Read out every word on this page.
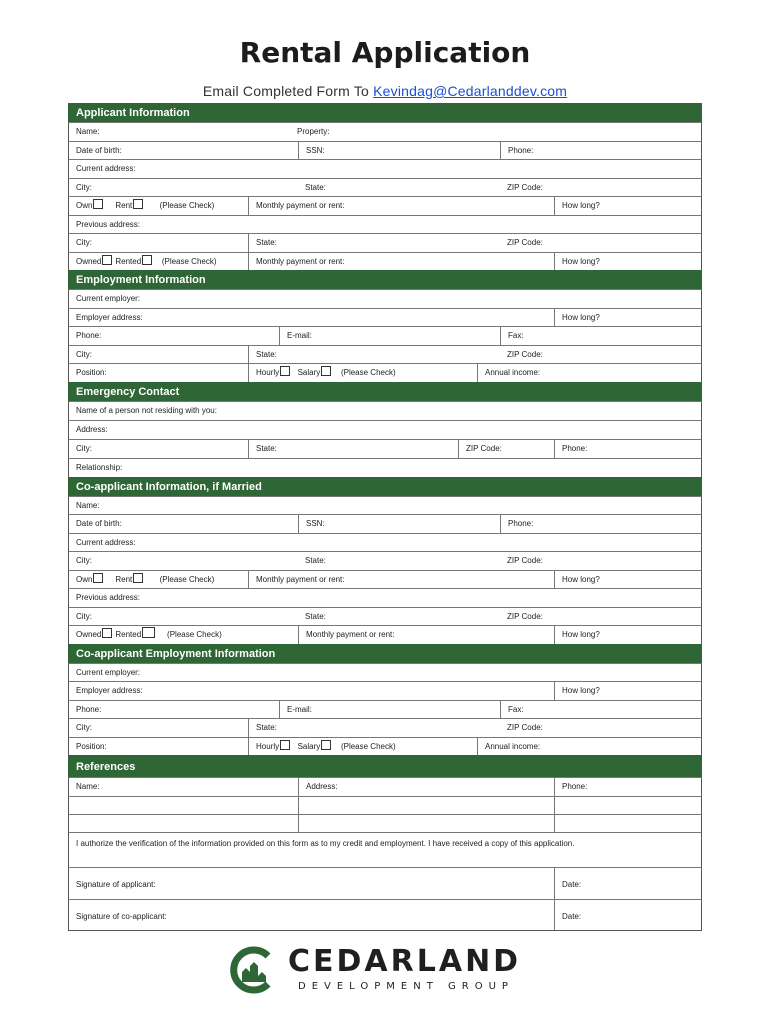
Rental Application
Email Completed Form To Kevindag@Cedarlanddev.com
Applicant Information
Name:	Property:
Date of birth:	SSN:	Phone:
Current address:
City:	State:	ZIP Code:
Own	Rent	(Please Check)	Monthly payment or rent:	How long?
Previous address:
City:	State:	ZIP Code:
Owned Rented	(Please Check)	Monthly payment or rent:	How long?
Employment Information
Current employer:
Employer address:	How long?
Phone:	E-mail:	Fax:
City:	State:	ZIP Code:
Position:	Hourly Salary	(Please Check)	Annual income:
Emergency Contact
Name of a person not residing with you:
Address:
City:	State:	ZIP Code:	Phone:
Relationship:
Co-applicant Information, if Married
Name:
Date of birth:	SSN:	Phone:
Current address:
City:	State:	ZIP Code:
Own	Rent	(Please Check)	Monthly payment or rent:	How long?
Previous address:
City:	State:	ZIP Code:
Owned Rented	(Please Check)	Monthly payment or rent:	How long?
Co-applicant Employment Information
Current employer:
Employer address:	How long?
Phone:	E-mail:	Fax:
City:	State:	ZIP Code:
Position:	Hourly Salary	(Please Check)	Annual income:
References
Name:	Address:	Phone:
I authorize the verification of the information provided on this form as to my credit and employment. I have received a copy of this application.
Signature of applicant:	Date:
Signature of co-applicant:	Date:
CEDARLAND
DEVELOPMENT GROUP
